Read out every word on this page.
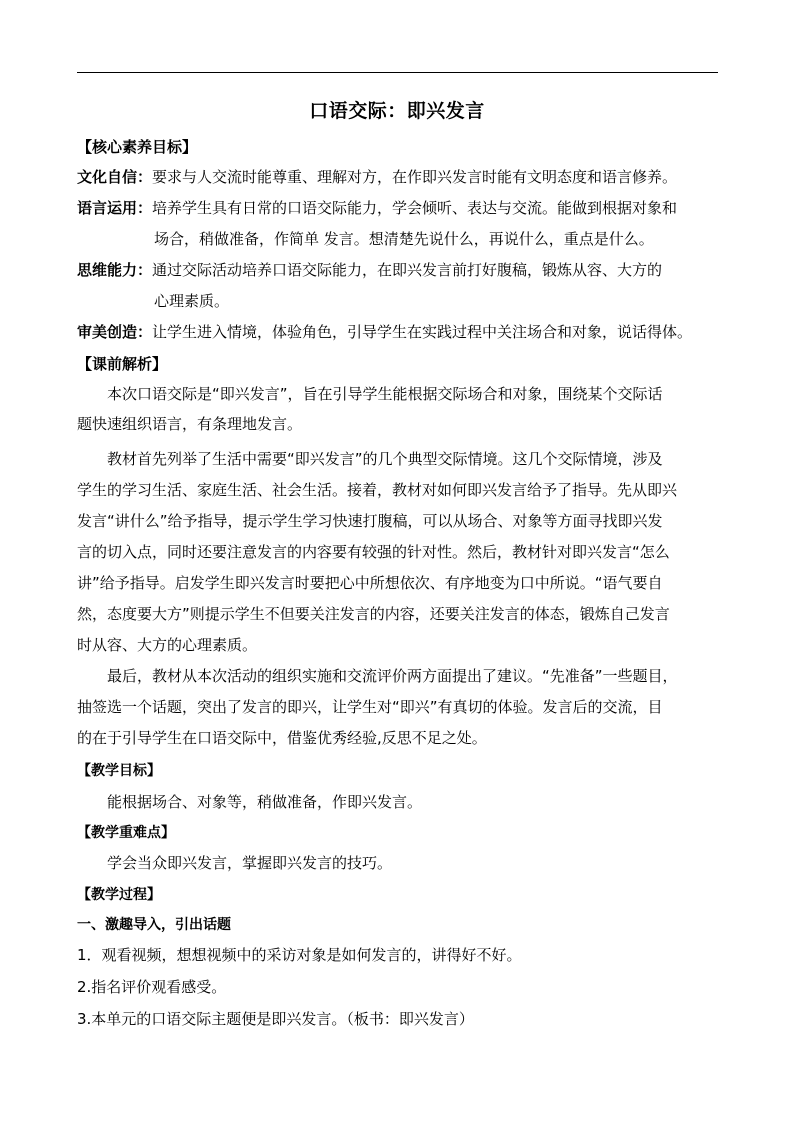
口语交际：即兴发言
【核心素养目标】
文化自信：要求与人交流时能尊重、理解对方，在作即兴发言时能有文明态度和语言修养。
语言运用：培养学生具有日常的口语交际能力，学会倾听、表达与交流。能做到根据对象和
场合，稍做准备，作简单 发言。想清楚先说什么，再说什么，重点是什么。
思维能力：通过交际活动培养口语交际能力，在即兴发言前打好腹稿，锻炼从容、大方的
心理素质。
审美创造：让学生进入情境，体验角色，引导学生在实践过程中关注场合和对象，说话得体。
【课前解析】
本次口语交际是“即兴发言”，旨在引导学生能根据交际场合和对象，围绕某个交际话
题快速组织语言，有条理地发言。
教材首先列举了生活中需要“即兴发言”的几个典型交际情境。这几个交际情境，涉及
学生的学习生活、家庭生活、社会生活。接着，教材对如何即兴发言给予了指导。先从即兴
发言“讲什么”给予指导，提示学生学习快速打腹稿，可以从场合、对象等方面寻找即兴发
言的切入点，同时还要注意发言的内容要有较强的针对性。然后，教材针对即兴发言“怎么
讲”给予指导。启发学生即兴发言时要把心中所想依次、有序地变为口中所说。“语气要自
然，态度要大方”则提示学生不但要关注发言的内容，还要关注发言的体态，锻炼自己发言
时从容、大方的心理素质。
最后，教材从本次活动的组织实施和交流评价两方面提出了建议。“先准备”一些题目，
抽签选一个话题，突出了发言的即兴，让学生对“即兴”有真切的体验。发言后的交流，目
的在于引导学生在口语交际中，借鉴优秀经验,反思不足之处。
【教学目标】
能根据场合、对象等，稍做准备，作即兴发言。
【教学重难点】
学会当众即兴发言，掌握即兴发言的技巧。
【教学过程】
一、激趣导入，引出话题
1．观看视频，想想视频中的采访对象是如何发言的，讲得好不好。
2.指名评价观看感受。
3.本单元的口语交际主题便是即兴发言。（板书：即兴发言）
